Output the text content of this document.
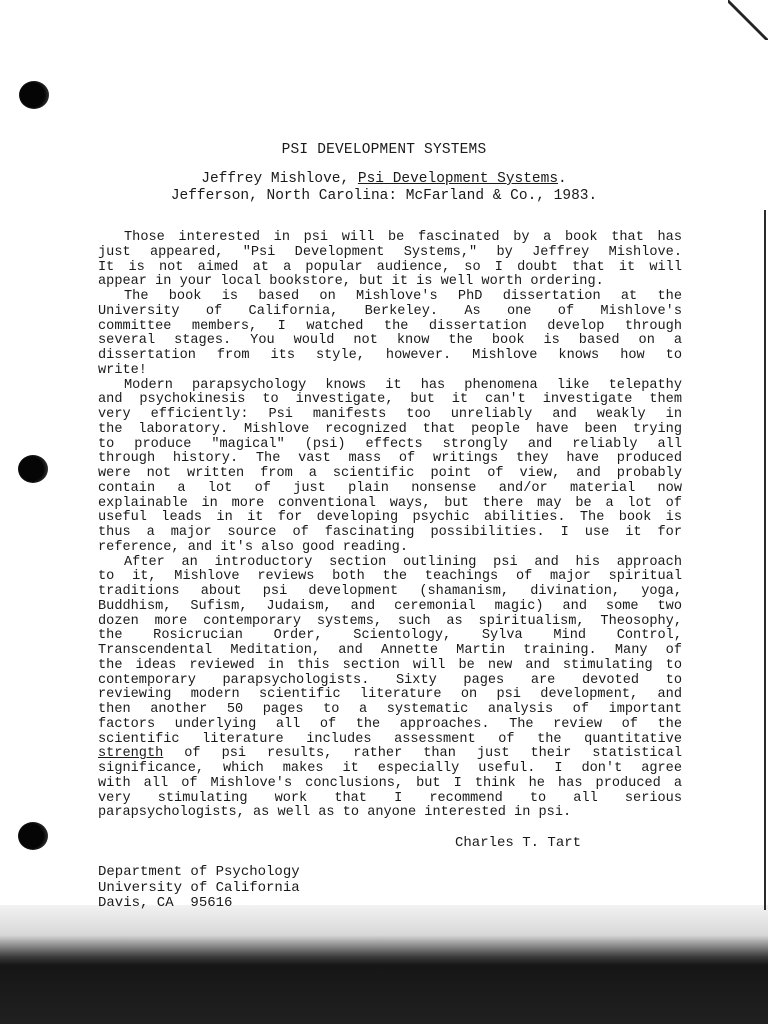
PSI DEVELOPMENT SYSTEMS
Jeffrey Mishlove, Psi Development Systems.
Jefferson, North Carolina: McFarland & Co., 1983.
Those interested in psi will be fascinated by a book that has
just appeared, "Psi Development Systems," by Jeffrey Mishlove.
It is not aimed at a popular audience, so I doubt that it will
appear in your local bookstore, but it is well worth ordering.
The book is based on Mishlove's PhD dissertation at the
University of California, Berkeley. As one of Mishlove's
committee members, I watched the dissertation develop through
several stages. You would not know the book is based on a
dissertation from its style, however. Mishlove knows how to
write!
Modern parapsychology knows it has phenomena like telepathy
and psychokinesis to investigate, but it can't investigate them
very efficiently: Psi manifests too unreliably and weakly in
the laboratory. Mishlove recognized that people have been trying
to produce "magical" (psi) effects strongly and reliably all
through history. The vast mass of writings they have produced
were not written from a scientific point of view, and probably
contain a lot of just plain nonsense and/or material now
explainable in more conventional ways, but there may be a lot of
useful leads in it for developing psychic abilities. The book is
thus a major source of fascinating possibilities. I use it for
reference, and it's also good reading.
After an introductory section outlining psi and his approach
to it, Mishlove reviews both the teachings of major spiritual
traditions about psi development (shamanism, divination, yoga,
Buddhism, Sufism, Judaism, and ceremonial magic) and some two
dozen more contemporary systems, such as spiritualism, Theosophy,
the Rosicrucian Order, Scientology, Sylva Mind Control,
Transcendental Meditation, and Annette Martin training. Many of
the ideas reviewed in this section will be new and stimulating to
contemporary parapsychologists. Sixty pages are devoted to
reviewing modern scientific literature on psi development, and
then another 50 pages to a systematic analysis of important
factors underlying all of the approaches. The review of the
scientific literature includes assessment of the quantitative
strength of psi results, rather than just their statistical
significance, which makes it especially useful. I don't agree
with all of Mishlove's conclusions, but I think he has produced a
very stimulating work that I recommend to all serious
parapsychologists, as well as to anyone interested in psi.
Charles T. Tart
Department of Psychology
University of California
Davis, CA  95616
